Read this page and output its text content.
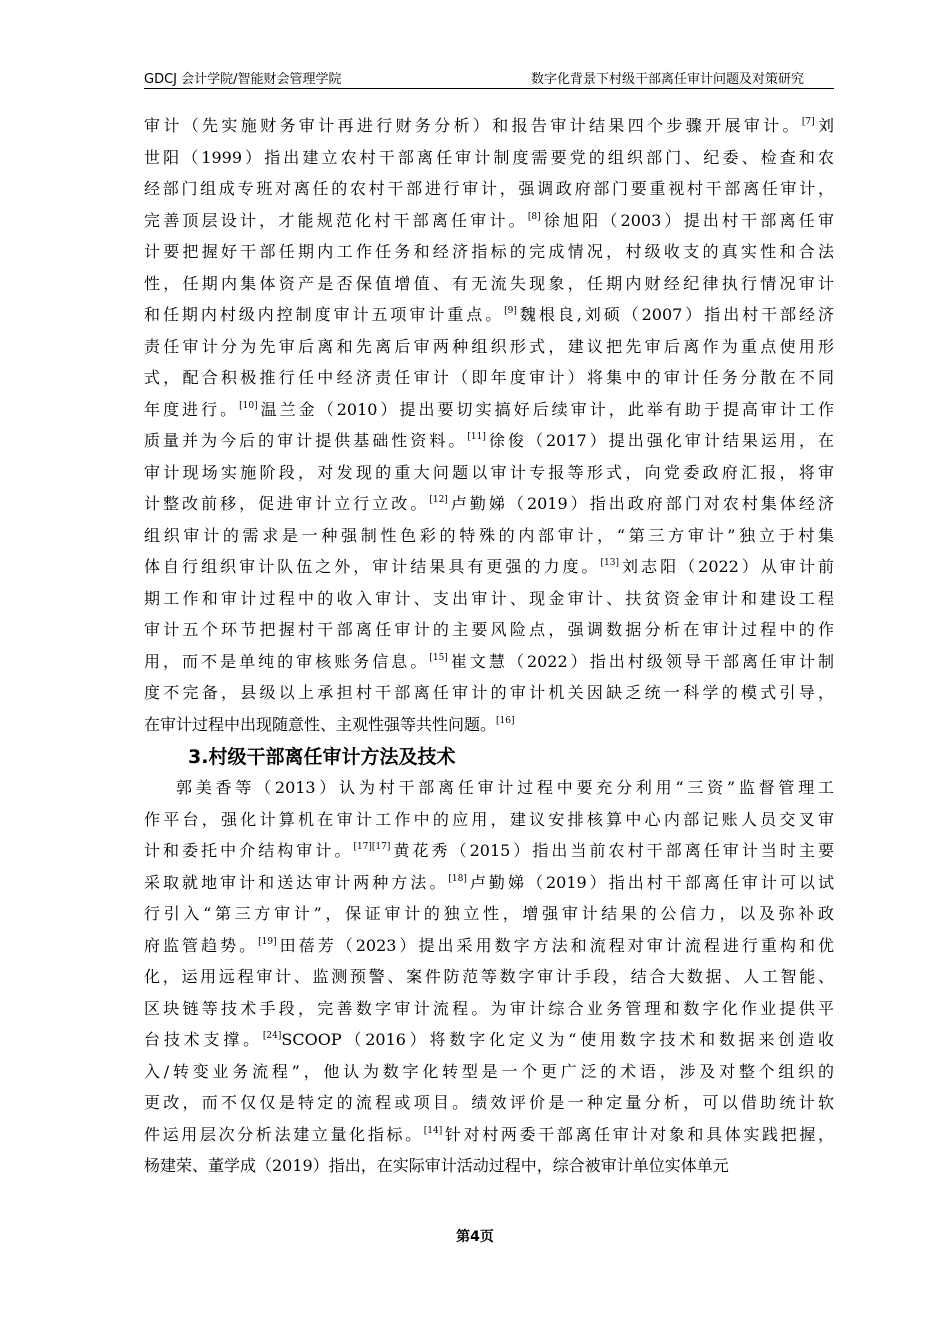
GDCJ 会计学院/智能财会管理学院	数字化背景下村级干部离任审计问题及对策研究
审计（先实施财务审计再进行财务分析）和报告审计结果四个步骤开展审计。[7]刘
世阳（1999）指出建立农村干部离任审计制度需要党的组织部门、纪委、检查和农
经部门组成专班对离任的农村干部进行审计，强调政府部门要重视村干部离任审计，
完善顶层设计，才能规范化村干部离任审计。[8]徐旭阳（2003）提出村干部离任审
计要把握好干部任期内工作任务和经济指标的完成情况，村级收支的真实性和合法
性，任期内集体资产是否保值增值、有无流失现象，任期内财经纪律执行情况审计
和任期内村级内控制度审计五项审计重点。[9]魏根良,刘硕（2007）指出村干部经济
责任审计分为先审后离和先离后审两种组织形式，建议把先审后离作为重点使用形
式，配合积极推行任中经济责任审计（即年度审计）将集中的审计任务分散在不同
年度进行。[10]温兰金（2010）提出要切实搞好后续审计，此举有助于提高审计工作
质量并为今后的审计提供基础性资料。[11]徐俊（2017）提出强化审计结果运用，在
审计现场实施阶段，对发现的重大问题以审计专报等形式，向党委政府汇报，将审
计整改前移，促进审计立行立改。[12]卢勤娣（2019）指出政府部门对农村集体经济
组织审计的需求是一种强制性色彩的特殊的内部审计，“第三方审计”独立于村集
体自行组织审计队伍之外，审计结果具有更强的力度。[13]刘志阳（2022）从审计前
期工作和审计过程中的收入审计、支出审计、现金审计、扶贫资金审计和建设工程
审计五个环节把握村干部离任审计的主要风险点，强调数据分析在审计过程中的作
用，而不是单纯的审核账务信息。[15]崔文慧（2022）指出村级领导干部离任审计制
度不完备，县级以上承担村干部离任审计的审计机关因缺乏统一科学的模式引导，
在审计过程中出现随意性、主观性强等共性问题。[16]
3.村级干部离任审计方法及技术
郭美香等（2013）认为村干部离任审计过程中要充分利用“三资”监督管理工
作平台，强化计算机在审计工作中的应用，建议安排核算中心内部记账人员交叉审
计和委托中介结构审计。[17][17]黄花秀（2015）指出当前农村干部离任审计当时主要
采取就地审计和送达审计两种方法。[18]卢勤娣（2019）指出村干部离任审计可以试
行引入“第三方审计”，保证审计的独立性，增强审计结果的公信力，以及弥补政
府监管趋势。[19]田蓓芳（2023）提出采用数字方法和流程对审计流程进行重构和优
化，运用远程审计、监测预警、案件防范等数字审计手段，结合大数据、人工智能、
区块链等技术手段，完善数字审计流程。为审计综合业务管理和数字化作业提供平
台技术支撑。[24]SCOOP（2016）将数字化定义为“使用数字技术和数据来创造收
入/转变业务流程”，他认为数字化转型是一个更广泛的术语，涉及对整个组织的
更改，而不仅仅是特定的流程或项目。绩效评价是一种定量分析，可以借助统计软
件运用层次分析法建立量化指标。[14]针对村两委干部离任审计对象和具体实践把握，
杨建荣、董学成（2019）指出，在实际审计活动过程中，综合被审计单位实体单元
第4页
